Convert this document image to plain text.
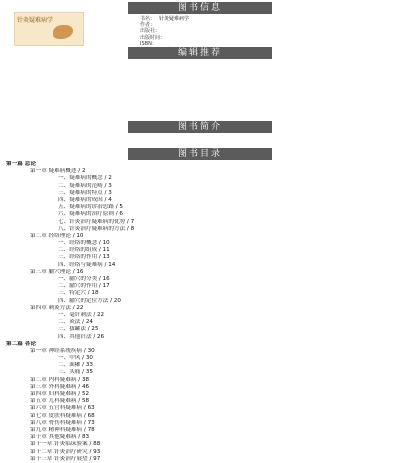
图书信息
针灸疑难病学	书名： 针灸疑难病学
作者：
出版社：
出版时间：
ISBN：
编辑推荐
图书简介
图书目录
第一篇 总论
第一章 疑难病概述 / 2
一、疑难病的概念 / 2
二、疑难病的范畴 / 3
三、疑难病的特点 / 3
四、疑难病的成因 / 4
五、疑难病的诊治思路 / 5
六、疑难病的治疗原则 / 6
七、针灸治疗疑难病的优势 / 7
八、针灸治疗疑难病的方法 / 8
第二章 经络理论 / 10
一、经络的概念 / 10
二、经络的组成 / 11
三、经络的作用 / 13
四、经络与疑难病 / 14
第三章 腧穴理论 / 16
一、腧穴的分类 / 16
二、腧穴的作用 / 17
三、特定穴 / 18
四、腧穴的定位方法 / 20
第四章 刺灸方法 / 22
一、毫针刺法 / 22
二、灸法 / 24
三、拔罐法 / 25
四、其他针法 / 26
第二篇 各论
第一章 神经系统疾病 / 30
一、中风 / 30
二、面瘫 / 33
三、头痛 / 35
第二章 内科疑难病 / 38
第三章 外科疑难病 / 46
第四章 妇科疑难病 / 52
第五章 儿科疑难病 / 58
第六章 五官科疑难病 / 63
第七章 皮肤科疑难病 / 68
第八章 骨伤科疑难病 / 73
第九章 精神科疑难病 / 78
第十章 其他疑难病 / 83
第十一章 针灸临床验案 / 88
第十二章 针灸治疗研究 / 93
第十三章 针灸治疗展望 / 97
